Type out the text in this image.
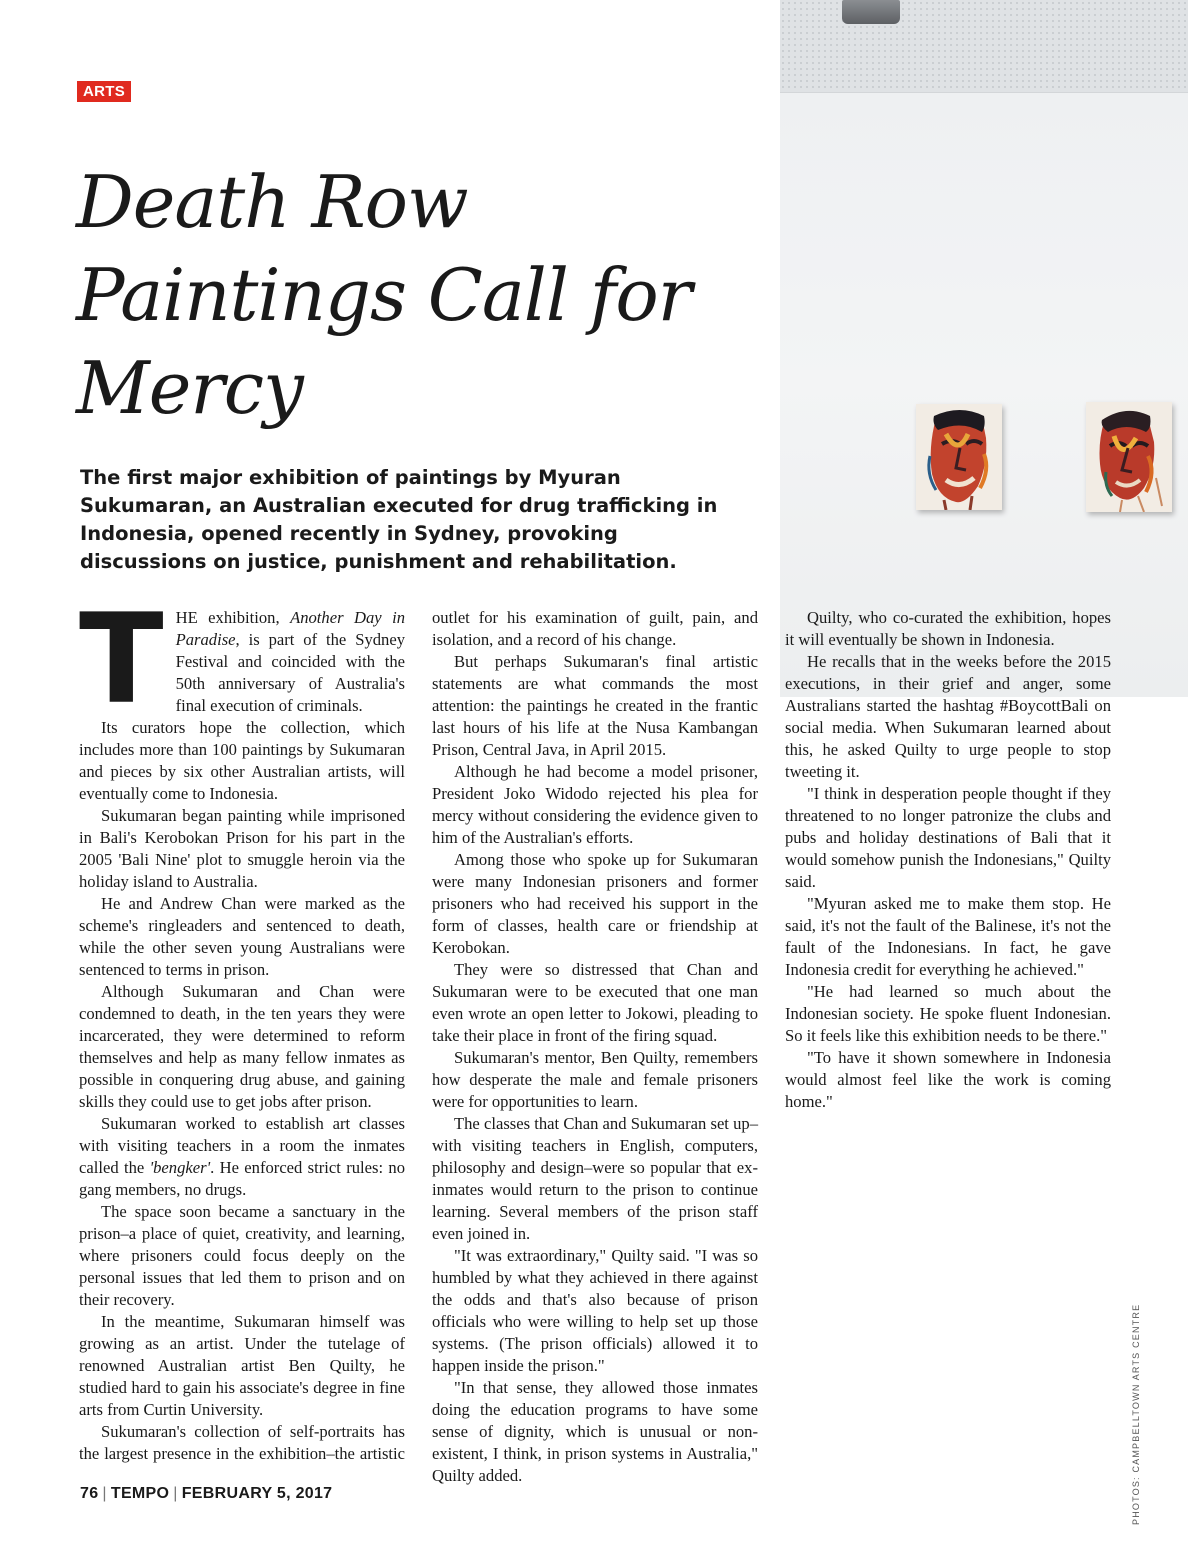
ARTS
PHOTOS: CAMPBELLTOWN ARTS CENTRE
Death Row Paintings Call for Mercy

The first major exhibition of paintings by Myuran Sukumaran, an Australian executed for drug trafficking in Indonesia, opened recently in Sydney, provoking discussions on justice, punishment and rehabilitation.

THE exhibition, Another Day in Paradise, is part of the Sydney Festival and coincided with the 50th anniversary of Australia's final execution of criminals.

Its curators hope the collection, which includes more than 100 paintings by Sukumaran and pieces by six other Australian artists, will eventually come to Indonesia.

Sukumaran began painting while imprisoned in Bali's Kerobokan Prison for his part in the 2005 'Bali Nine' plot to smuggle heroin via the holiday island to Australia.

He and Andrew Chan were marked as the scheme's ringleaders and sentenced to death, while the other seven young Australians were sentenced to terms in prison.

Although Sukumaran and Chan were condemned to death, in the ten years they were incarcerated, they were determined to reform themselves and help as many fellow inmates as possible in conquering drug abuse, and gaining skills they could use to get jobs after prison.

Sukumaran worked to establish art classes with visiting teachers in a room the inmates called the 'bengker'. He enforced strict rules: no gang members, no drugs.

The space soon became a sanctuary in the prison–a place of quiet, creativity, and learning, where prisoners could focus deeply on the personal issues that led them to prison and on their recovery.

In the meantime, Sukumaran himself was growing as an artist. Under the tutelage of renowned Australian artist Ben Quilty, he studied hard to gain his associate's degree in fine arts from Curtin University.

Sukumaran's collection of self-portraits has the largest presence in the exhibition–the artistic outlet for his examination of guilt, pain, and isolation, and a record of his change.

But perhaps Sukumaran's final artistic statements are what commands the most attention: the paintings he created in the frantic last hours of his life at the Nusa Kambangan Prison, Central Java, in April 2015.

Although he had become a model prisoner, President Joko Widodo rejected his plea for mercy without considering the evidence given to him of the Australian's efforts.

Among those who spoke up for Sukumaran were many Indonesian prisoners and former prisoners who had received his support in the form of classes, health care or friendship at Kerobokan.

They were so distressed that Chan and Sukumaran were to be executed that one man even wrote an open letter to Jokowi, pleading to take their place in front of the firing squad.

Sukumaran's mentor, Ben Quilty, remembers how desperate the male and female prisoners were for opportunities to learn.

The classes that Chan and Sukumaran set up–with visiting teachers in English, computers, philosophy and design–were so popular that ex-inmates would return to the prison to continue learning. Several members of the prison staff even joined in.

"It was extraordinary," Quilty said. "I was so humbled by what they achieved in there against the odds and that's also because of prison officials who were willing to help set up those systems. (The prison officials) allowed it to happen inside the prison."

"In that sense, they allowed those inmates doing the education programs to have some sense of dignity, which is unusual or non-existent, I think, in prison systems in Australia," Quilty added.

Quilty, who co-curated the exhibition, hopes it will eventually be shown in Indonesia.

He recalls that in the weeks before the 2015 executions, in their grief and anger, some Australians started the hashtag #BoycottBali on social media. When Sukumaran learned about this, he asked Quilty to urge people to stop tweeting it.

"I think in desperation people thought if they threatened to no longer patronize the clubs and pubs and holiday destinations of Bali that it would somehow punish the Indonesians," Quilty said.

"Myuran asked me to make them stop. He said, it's not the fault of the Balinese, it's not the fault of the Indonesians. In fact, he gave Indonesia credit for everything he achieved."

"He had learned so much about the Indonesian society. He spoke fluent Indonesian. So it feels like this exhibition needs to be there."

"To have it shown somewhere in Indonesia would almost feel like the work is coming home."

76 | TEMPO | FEBRUARY 5, 2017
